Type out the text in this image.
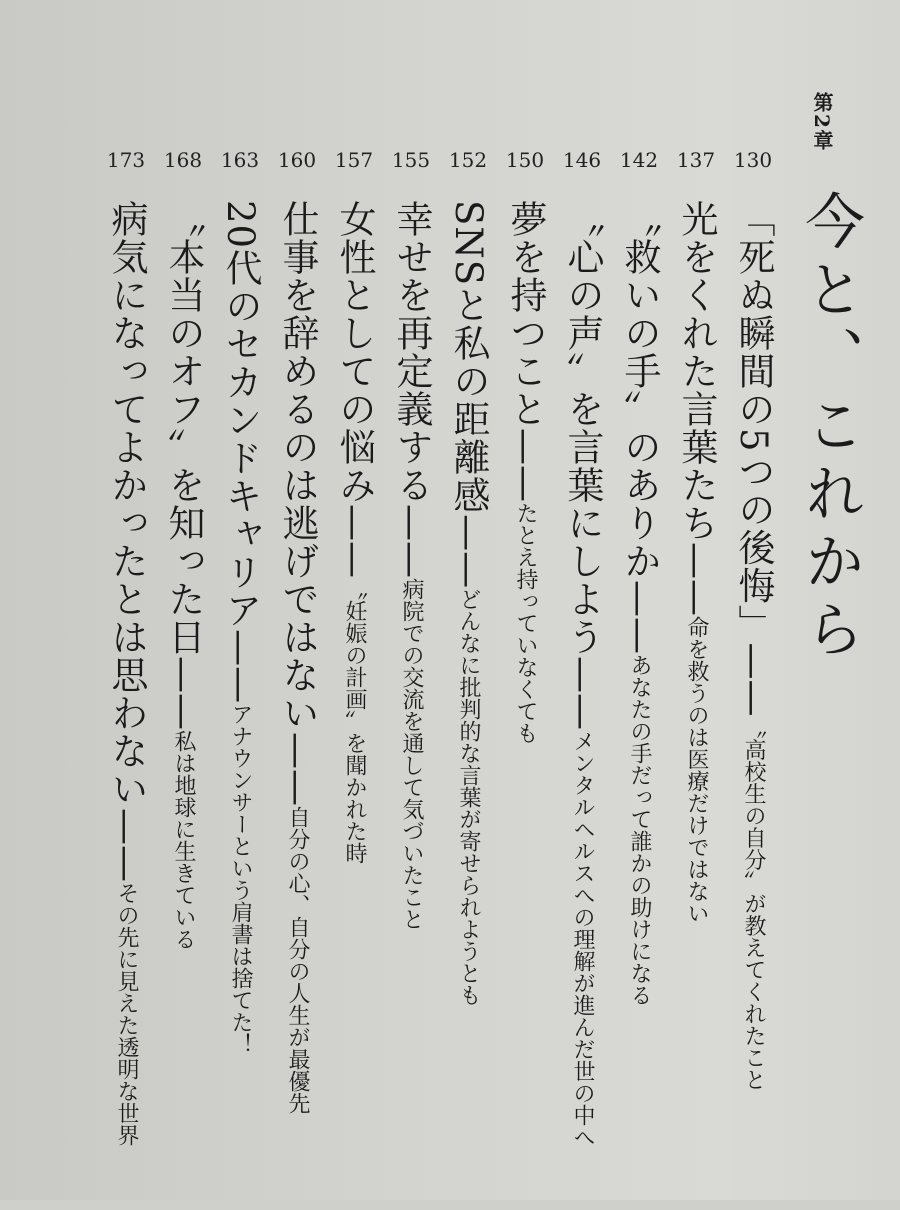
第2章
今と、これから
130
「死ぬ瞬間の5つの後悔」——〝高校生の自分〟が教えてくれたこと
137
光をくれた言葉たち——命を救うのは医療だけではない
142
〝救いの手〟のありか——あなたの手だって誰かの助けになる
146
〝心の声〟を言葉にしよう——メンタルヘルスへの理解が進んだ世の中へ
150
夢を持つこと——たとえ持っていなくても
152
SNSと私の距離感——どんなに批判的な言葉が寄せられようとも
155
幸せを再定義する——病院での交流を通して気づいたこと
157
女性としての悩み——〝妊娠の計画〟を聞かれた時
160
仕事を辞めるのは逃げではない——自分の心、自分の人生が最優先
163
20代のセカンドキャリア——アナウンサーという肩書は捨てた！
168
〝本当のオフ〟を知った日——私は地球に生きている
173
病気になってよかったとは思わない——その先に見えた透明な世界
